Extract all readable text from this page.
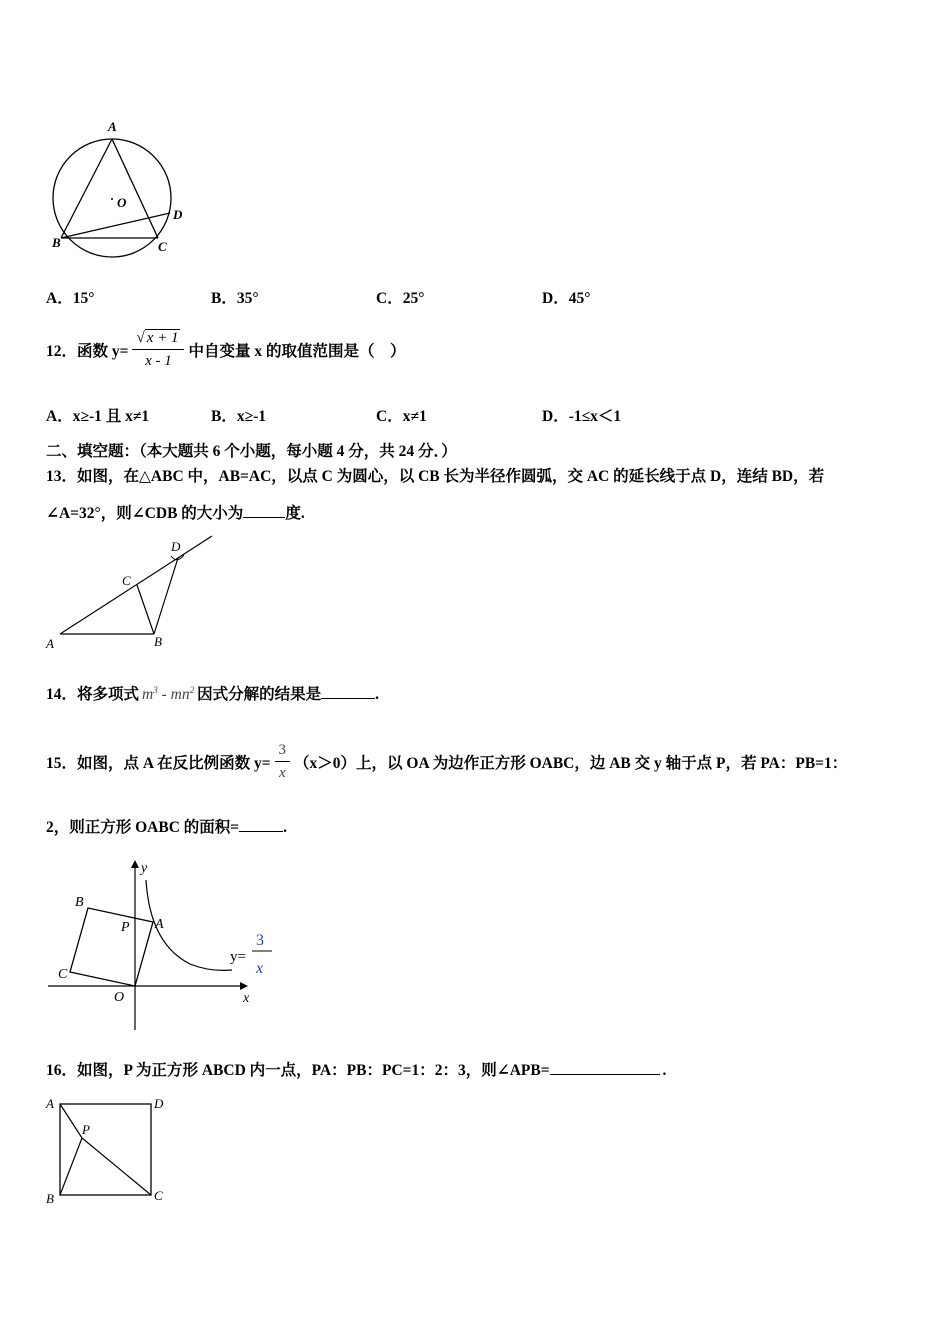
A
O
D
B	C
A．15°	B．35°	C．25°	D．45°
12．函数 $y= \frac{√ x + 1}{x - 1}$ 中自变量 x 的取值范围是（　）
A．x≥-1 且 x≠1	B．x≥-1	C．x≠1	D．-1≤x＜1
二、填空题：（本大题共 6 个小题，每小题 4 分，共 24 分．）
13．如图，在△ABC 中，AB=AC，以点 C 为圆心，以 CB 长为半径作圆弧，交 AC 的延长线于点 D，连结 BD，若
∠A=32°，则∠CDB 的大小为	度.
D
C
A	B
14．将多项式 $m^3 - mn^2$ 因式分解的结果是	.
15．如图，点 A 在反比例函数 $y= \frac{3}{x} (x>0)$上，以 OA 为边作正方形 OABC，边 AB 交 y 轴于点 P，若 PA：PB=1：
2，则正方形 OABC 的面积=	.
y
B
P A
C
O	x
y=
3
x
16．如图，P 为正方形 ABCD 内一点，PA：PB：PC=1：2：3，则∠APB=	.
A	D
P
B	C
